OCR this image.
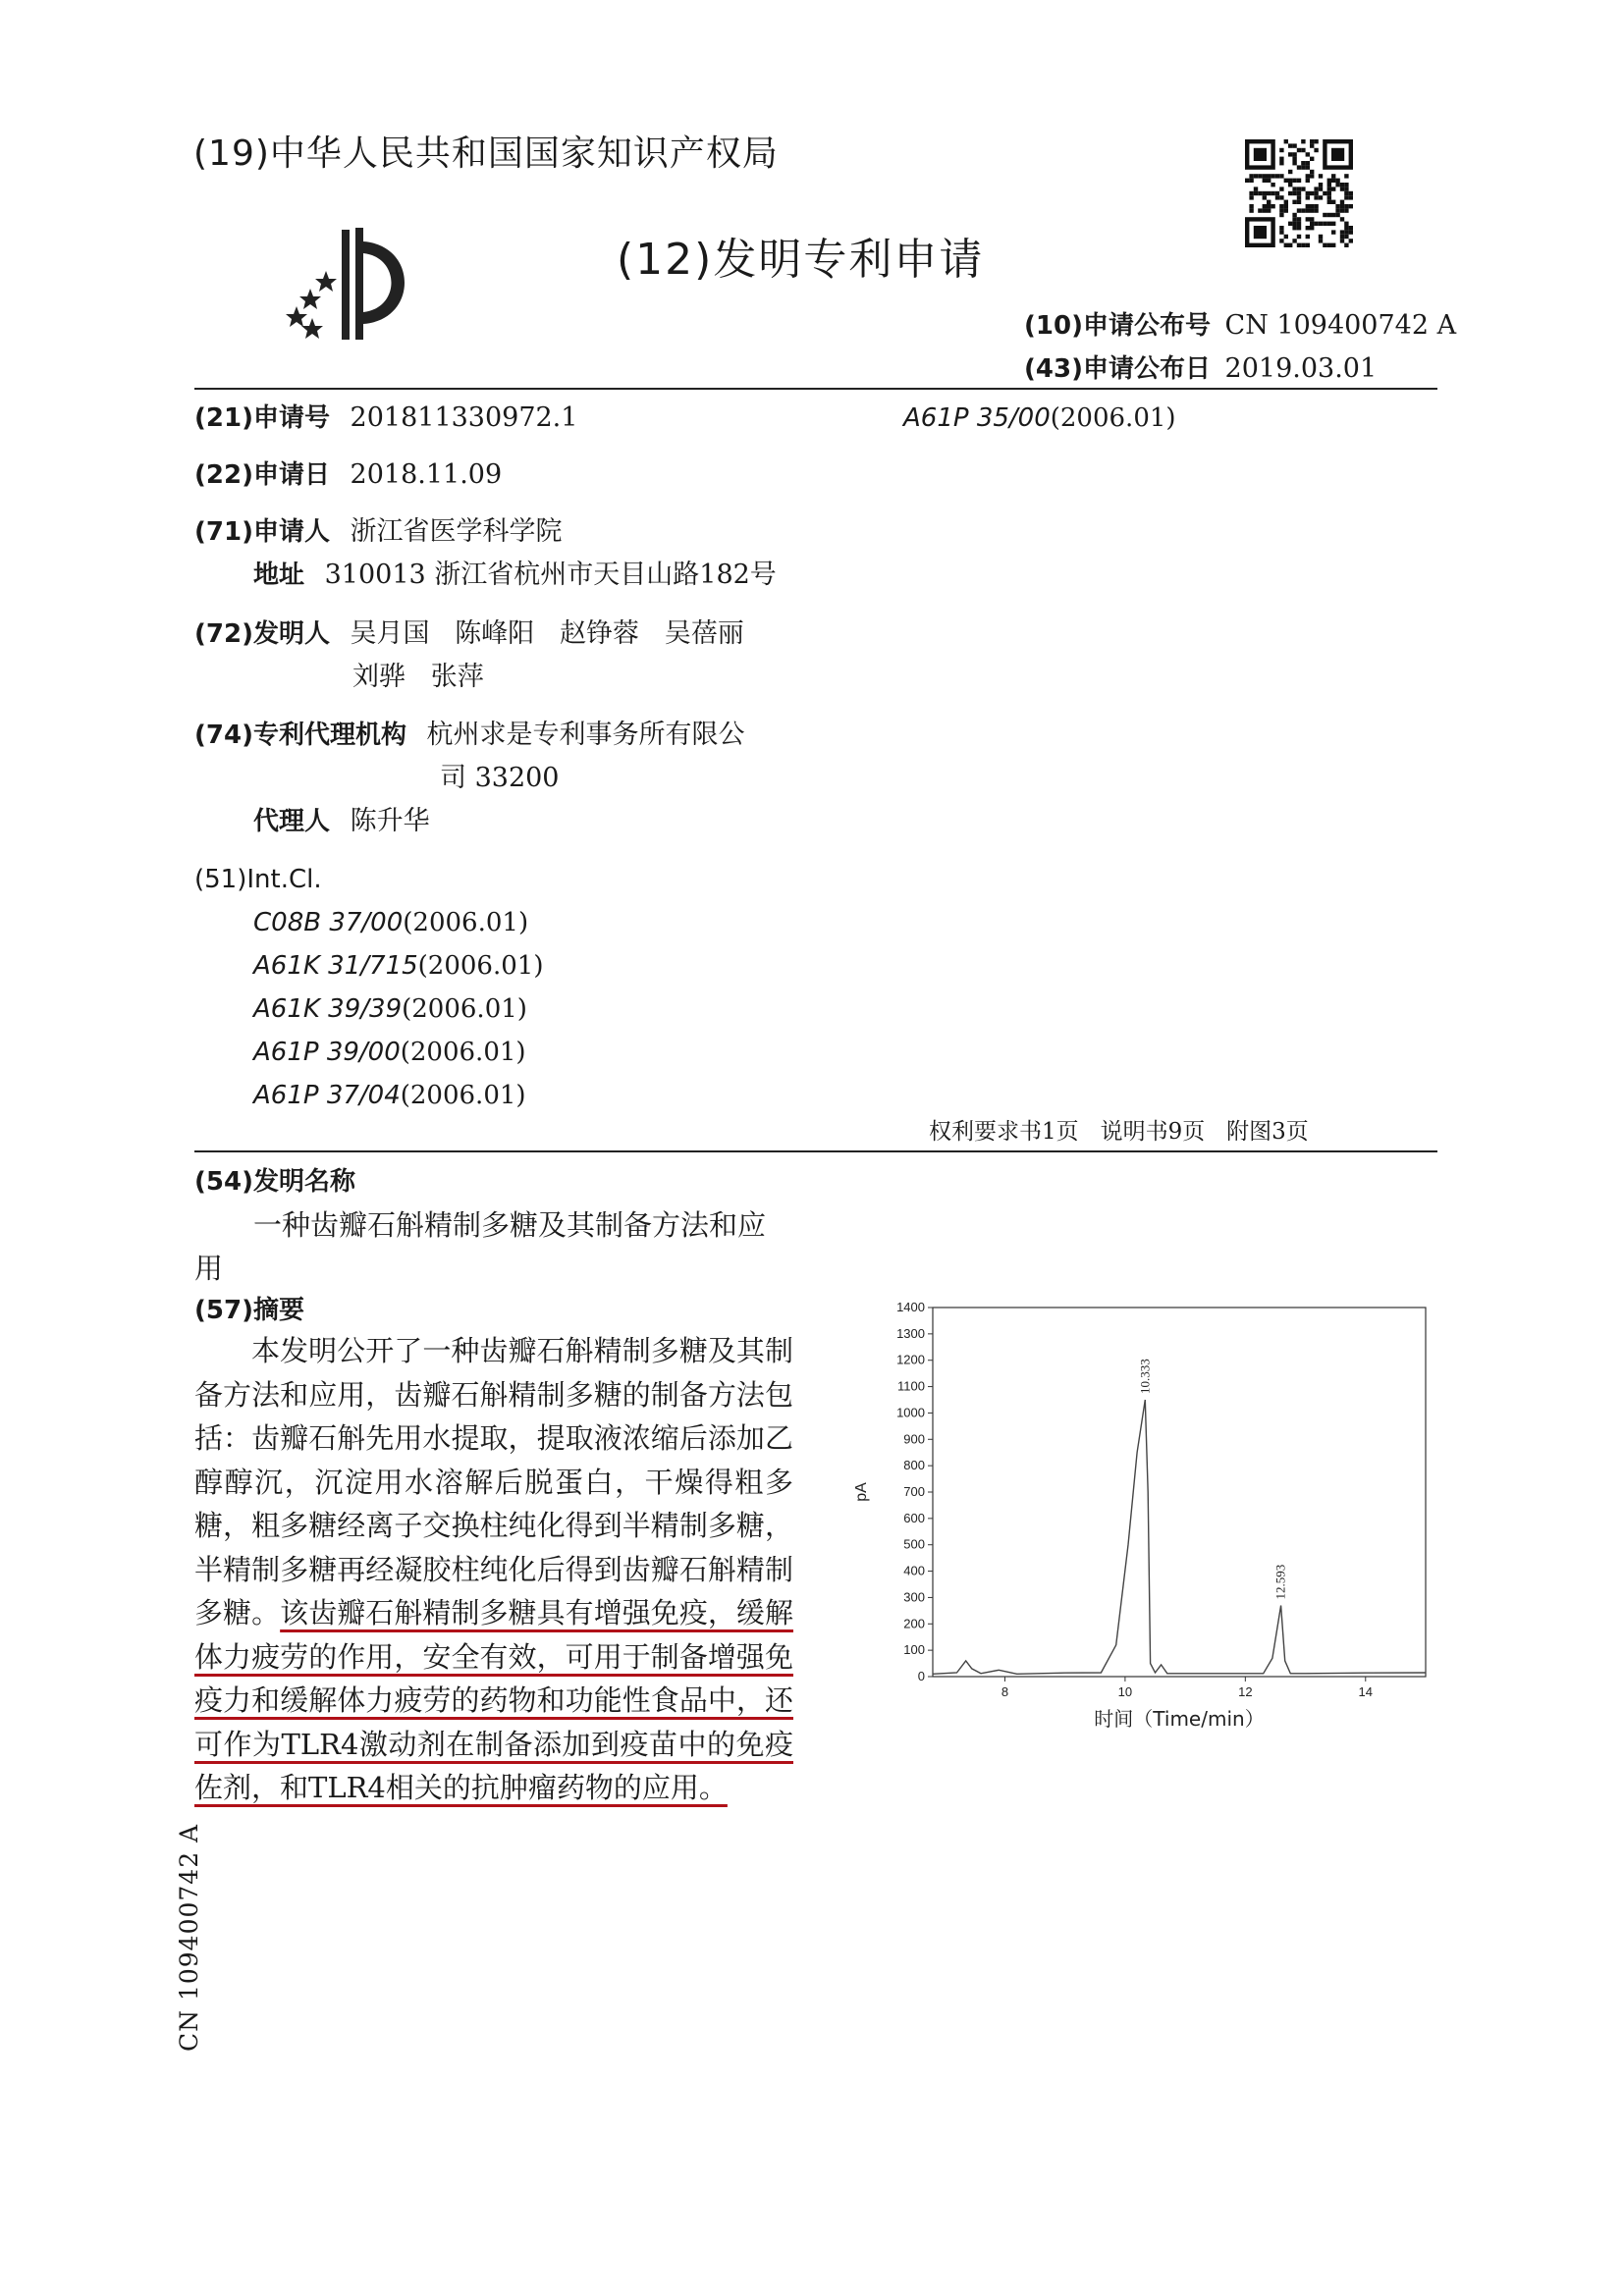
(19)中华人民共和国国家知识产权局
(12)发明专利申请
(10)申请公布号 CN 109400742 A
(43)申请公布日 2019.03.01
(21)申请号 201811330972.1	A61P 35/00(2006.01)
(22)申请日 2018.11.09
(71)申请人 浙江省医学科学院
地址 310013 浙江省杭州市天目山路182号
(72)发明人 吴月国   陈峰阳   赵铮蓉   吴蓓丽
刘骅   张萍
(74)专利代理机构 杭州求是专利事务所有限公
司 33200
代理人 陈升华
(51)Int.Cl.
C08B 37/00(2006.01)
A61K 31/715(2006.01)
A61K 39/39(2006.01)
A61P 39/00(2006.01)
A61P 37/04(2006.01)
权利要求书1页   说明书9页   附图3页
(54)发明名称
一种齿瓣石斛精制多糖及其制备方法和应
用
(57)摘要
本发明公开了一种齿瓣石斛精制多糖及其制备方法和应用，齿瓣石斛精制多糖的制备方法包括：齿瓣石斛先用水提取，提取液浓缩后添加乙醇醇沉，沉淀用水溶解后脱蛋白，干燥得粗多糖，粗多糖经离子交换柱纯化得到半精制多糖，半精制多糖再经凝胶柱纯化后得到齿瓣石斛精制多糖。该齿瓣石斛精制多糖具有增强免疫，缓解体力疲劳的作用，安全有效，可用于制备增强免疫力和缓解体力疲劳的药物和功能性食品中，还可作为TLR4激动剂在制备添加到疫苗中的免疫佐剂，和TLR4相关的抗肿瘤药物的应用。
0
100
200
300
400
500
600
700
800
900
1000
1100
1200
1300
1400
8	10	12	14
10.333
12.593
pA
时间（Time/min）
CN 109400742 A
